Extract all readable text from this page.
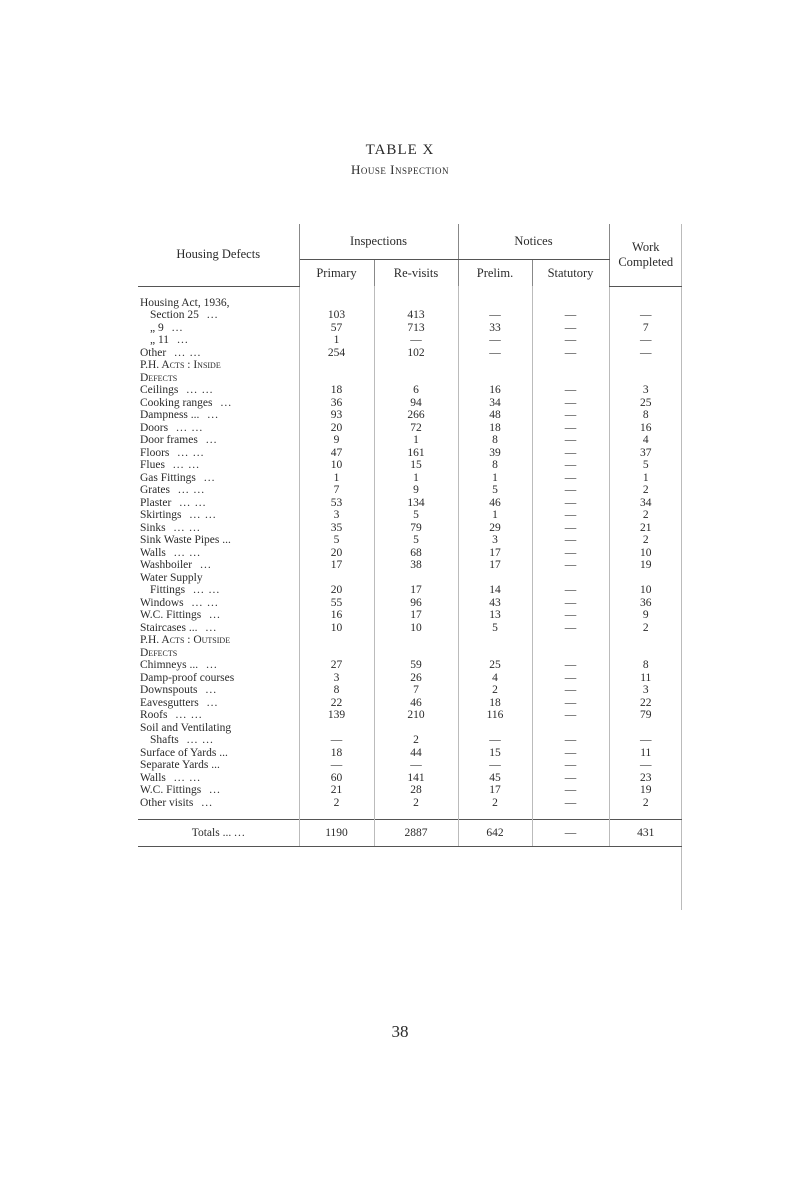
TABLE X
House Inspection
Housing Defects	Inspections		Notices		Work Completed
	Primary	Re-visits	Prelim.	Statutory	

Housing Act, 1936,					
Section 25 ...	103	413	—	—	—
„ 9 ...	57	713	33	—	7
„ 11 ...	1	—	—	—	—
Other ... ...	254	102	—	—	—
P.H. Acts : Inside					
Defects					
Ceilings ... ...	18	6	16	—	3
Cooking ranges ...	36	94	34	—	25
Dampness ... ...	93	266	48	—	8
Doors ... ...	20	72	18	—	16
Door frames ...	9	1	8	—	4
Floors ... ...	47	161	39	—	37
Flues ... ...	10	15	8	—	5
Gas Fittings ...	1	1	1	—	1
Grates ... ...	7	9	5	—	2
Plaster ... ...	53	134	46	—	34
Skirtings ... ...	3	5	1	—	2
Sinks ... ...	35	79	29	—	21
Sink Waste Pipes ...	5	5	3	—	2
Walls ... ...	20	68	17	—	10
Washboiler ...	17	38	17	—	19
Water Supply					
Fittings ... ...	20	17	14	—	10
Windows ... ...	55	96	43	—	36
W.C. Fittings ...	16	17	13	—	9
Staircases ... ...	10	10	5	—	2
P.H. Acts : Outside					
Defects					
Chimneys ... ...	27	59	25	—	8
Damp-proof courses	3	26	4	—	11
Downspouts ...	8	7	2	—	3
Eavesgutters ...	22	46	18	—	22
Roofs ... ...	139	210	116	—	79
Soil and Ventilating					
Shafts ... ...	—	2	—	—	—
Surface of Yards ...	18	44	15	—	11
Separate Yards ...	—	—	—	—	—
Walls ... ...	60	141	45	—	23
W.C. Fittings ...	21	28	17	—	19
Other visits ...	2	2	2	—	2

Totals ... ...	1190	2887	642	—	431
38
